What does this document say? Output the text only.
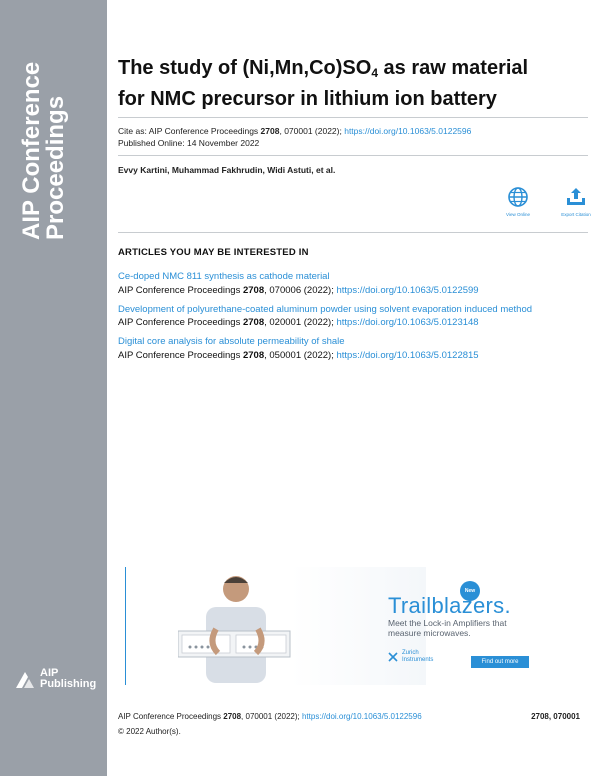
AIP Conference
Proceedings
AIP
Publishing
The study of $(Ni,Mn,Co)SO_4$ as raw material
for NMC precursor in lithium ion battery
Cite as: AIP Conference Proceedings 2708, 070001 (2022); https://doi.org/10.1063/5.0122596
Published Online: 14 November 2022
Evvy Kartini, Muhammad Fakhrudin, Widi Astuti, et al.
View Online	Export Citation
ARTICLES YOU MAY BE INTERESTED IN
Ce-doped NMC 811 synthesis as cathode material
AIP Conference Proceedings 2708, 070006 (2022); https://doi.org/10.1063/5.0122599
Development of polyurethane-coated aluminum powder using solvent evaporation induced method
AIP Conference Proceedings 2708, 020001 (2022); https://doi.org/10.1063/5.0123148
Digital core analysis for absolute permeability of shale
AIP Conference Proceedings 2708, 050001 (2022); https://doi.org/10.1063/5.0122815
AIP Conference Proceedings 2708, 070001 (2022); https://doi.org/10.1063/5.0122596	2708, 070001
© 2022 Author(s).
New
Trailblazers.
Meet the Lock-in Amplifiers that measure microwaves.
Zurich
Instruments	Find out more
